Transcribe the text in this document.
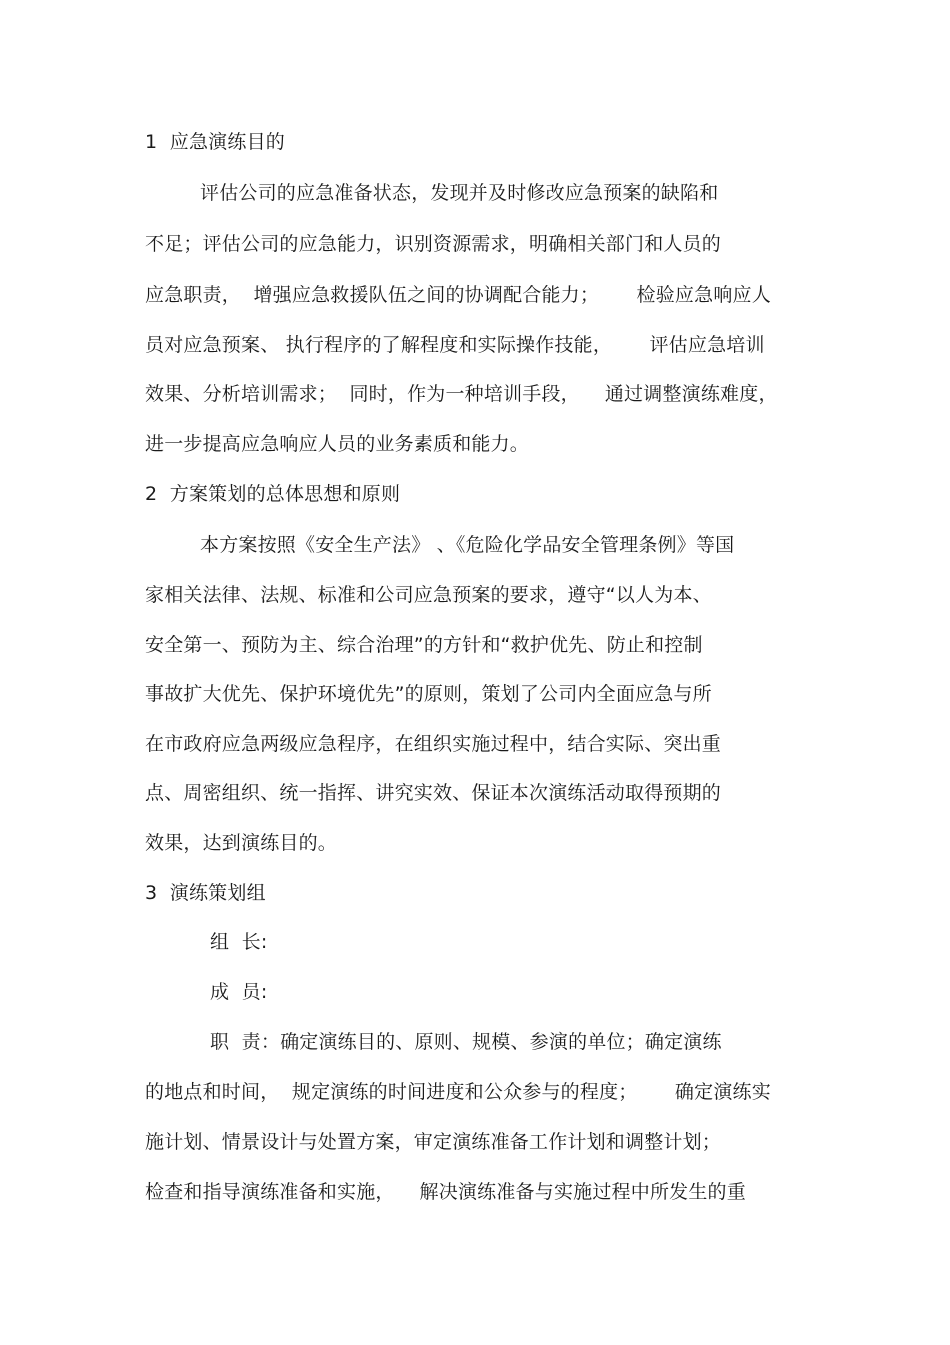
1  应急演练目的
评估公司的应急准备状态，发现并及时修改应急预案的缺陷和
不足；评估公司的应急能力，识别资源需求，明确相关部门和人员的
应急职责，  增强应急救援队伍之间的协调配合能力；      检验应急响应人
员对应急预案、 执行程序的了解程度和实际操作技能，      评估应急培训
效果、分析培训需求；  同时，作为一种培训手段，    通过调整演练难度，
进一步提高应急响应人员的业务素质和能力。
2  方案策划的总体思想和原则
本方案按照《安全生产法》 、《危险化学品安全管理条例》等国
家相关法律、法规、标准和公司应急预案的要求，遵守“以人为本、
安全第一、预防为主、综合治理”的方针和“救护优先、防止和控制
事故扩大优先、保护环境优先”的原则，策划了公司内全面应急与所
在市政府应急两级应急程序，在组织实施过程中，结合实际、突出重
点、周密组织、统一指挥、讲究实效、保证本次演练活动取得预期的
效果，达到演练目的。
3  演练策划组
组  长:
成  员:
职  责：确定演练目的、原则、规模、参演的单位；确定演练
的地点和时间，  规定演练的时间进度和公众参与的程度；      确定演练实
施计划、情景设计与处置方案，审定演练准备工作计划和调整计划；
检查和指导演练准备和实施，    解决演练准备与实施过程中所发生的重
